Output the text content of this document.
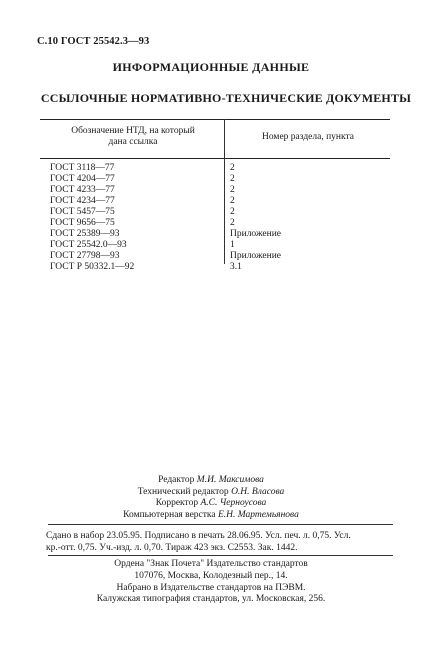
С.10 ГОСТ 25542.3—93
ИНФОРМАЦИОННЫЕ ДАННЫЕ
ССЫЛОЧНЫЕ НОРМАТИВНО-ТЕХНИЧЕСКИЕ ДОКУМЕНТЫ
Обозначение НТД, на который
дана ссылка	Номер раздела, пункта
ГОСТ 3118—77	2
ГОСТ 4204—77	2
ГОСТ 4233—77	2
ГОСТ 4234—77	2
ГОСТ 5457—75	2
ГОСТ 9656—75	2
ГОСТ 25389—93	Приложение
ГОСТ 25542.0—93	1
ГОСТ 27798—93	Приложение
ГОСТ Р 50332.1—92	3.1
Редактор М.И. Максимова
Технический редактор О.Н. Власова
Корректор А.С. Черноусова
Компьютерная верстка Е.Н. Мартемьянова
Сдано в набор 23.05.95. Подписано в печать 28.06.95. Усл. печ. л. 0,75. Усл.
кр.-отт. 0,75. Уч.-изд. л. 0,70. Тираж 423 экз. С2553. Зак. 1442.
Ордена "Знак Почета" Издательство стандартов
107076, Москва, Колодезный пер., 14.
Набрано в Издательстве стандартов на ПЭВМ.
Калужская типография стандартов, ул. Московская, 256.
